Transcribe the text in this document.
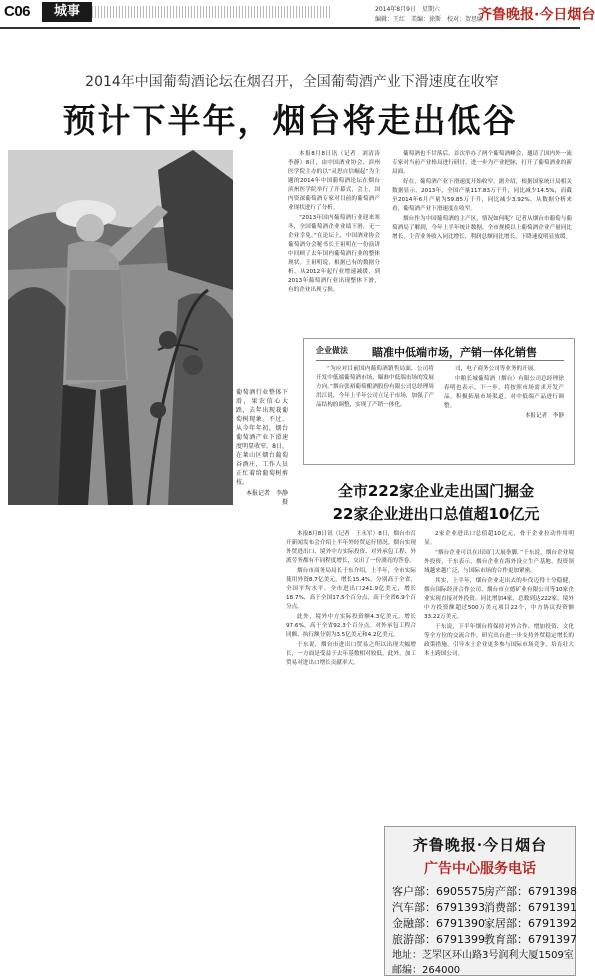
C06	城事	2014年8月9日　星期六
编辑：王红　美编：徐斯　校对：贺思欣
齐鲁晚报·今日烟台
2014年中国葡萄酒论坛在烟召开，全国葡萄酒产业下滑速度在收窄
预计下半年，烟台将走出低谷
葡萄酒行业整体下滑，果农信心大跌，去年出现栽葡萄树现象。不过，从今年年初，烟台葡萄酒产业下滑速度明显收窄。8日，在莱山区烟台葡萄谷酒庄，工作人员正忙着给葡萄树剪枝。
本报记者　李静　摄

本报8月8日讯（记者　刘清涛　李静）8日，由中国酒业协会、滨州医学院主办的以“灵思自信崛起”为主题的2014年中国葡萄酒论坛在烟台滨州医学院举行了开幕式，会上，国内资深葡萄酒专家对目前的葡萄酒产业现状进行了分析。

“2013年国内葡萄酒行业迎来寒冬，全国葡萄酒企业业绩下滑，无一企业幸免。”在论坛上，中国酒业协会葡萄酒分会秘书长王祖明在一份演讲中回顾了去年国内葡萄酒行业的整体现状。王祖明说，根据已有的数据分析，从2012年起行业增速减缓，到2013年葡萄酒行业出现整体下滑，有的企业出现亏损。

葡萄酒也不甘落后。首次举办了两个葡萄酒峰会，邀请了国内外一流专家对当前产业格局进行研讨，进一步为产业把脉，打开了葡萄酒业的新局面。

好在，葡萄酒产业下滑速度开始收窄。据介绍，根据国家统计局相关数据显示，2013年，全国产量117.83万千升，同比减少14.5%，而截至2014年6月产量为59.85万千升，同比减少3.92%，从数据分析来看，葡萄酒产业下滑速度在收窄。

烟台作为中国葡萄酒的主产区，情况如何呢？记者从烟台市葡萄与葡萄酒局了解到，今年上半年统计数据，全市规模以上葡萄酒企业产量同比增长，主营业务收入同比增长，利润总额同比增长，下降速度明显放缓。

企业做法 瞄准中低端市场，产销一体化销售

“为应对目前国内葡萄酒销售局面，公司将开发中低端葡萄酒市场，瞄准中低端市场的发展方向。”烟台张裕葡萄酿酒股份有限公司总经理周洪江说，今年上半年公司立足于市场，加强了产品结构的调整，实现了产销一体化。

司，电子商务公司等业务的开展。

中粮长城葡萄酒（烟台）有限公司总经理徐春明也表示，下一步，将按照市场需求开发产品，积极拓展市场渠道，对中低端产品进行调整。

本报记者　李静

全市222家企业走出国门掘金
22家企业进出口总值超10亿元

本报8月8日讯（记者　王永军）8日，烟台市召开新闻发布会介绍上半年外经贸运行情况。烟台实现外贸进出口、境外中方实际投资、对外承包工程、外派劳务都有不同程度增长，交出了一份漂亮的答卷。

烟台市商务局局长于东介绍，上半年，全市实际使用外资8.7亿美元，增长15.4%，分别高于全省、全国平均水平。全市进出口241.9亿美元，增长18.7%，高于全国17.5个百分点，高于全省6.9个百分点。

此外，境外中方实际投资额4.3亿美元，增长97.6%，高于全省92.3个百分点。对外承包工程合同额、执行额分别为3.5亿美元和4.2亿美元。

于东说，烟台市进出口贸易之所以出现大幅增长，一方面是受益于去年基数相对较低，此外，加工贸易对进出口增长贡献率大。

2家企业进出口总值超10亿元，骨干企业拉动作用明显。

“烟台企业可以在出国门大展拳脚。”于东说，烟台企业境外投资，于东表示，烟台企业在海外设立生产基地，投资领域越来越广泛，与国际市场的合作更加紧密。

其实，上半年，烟台企业走出去的步伐迈得十分稳健，烟台国际经济合作公司、烟台市立德矿业有限公司等10家企业实现直接对外投资，同比增加4家，总数到达222家，境外中方投资额超过500万美元项目22个，中方协议投资额33.22万美元。

于东说，下半年烟台将保持对外合作、增加投资、文化等全方位的交流合作，研究出台进一步支持外贸稳定增长的政策措施，引导本土企业更多参与国际市场竞争，培育壮大本土跨国公司。

齐鲁晚报·今日烟台
广告中心服务电话
客户部：6905575房产部：6791398
汽车部：6791393消费部：6791391
金融部：6791390家居部：6791392
旅游部：6791399教育部：6791397
地址：芝罘区环山路3号润利大厦1509室
邮编：264000
